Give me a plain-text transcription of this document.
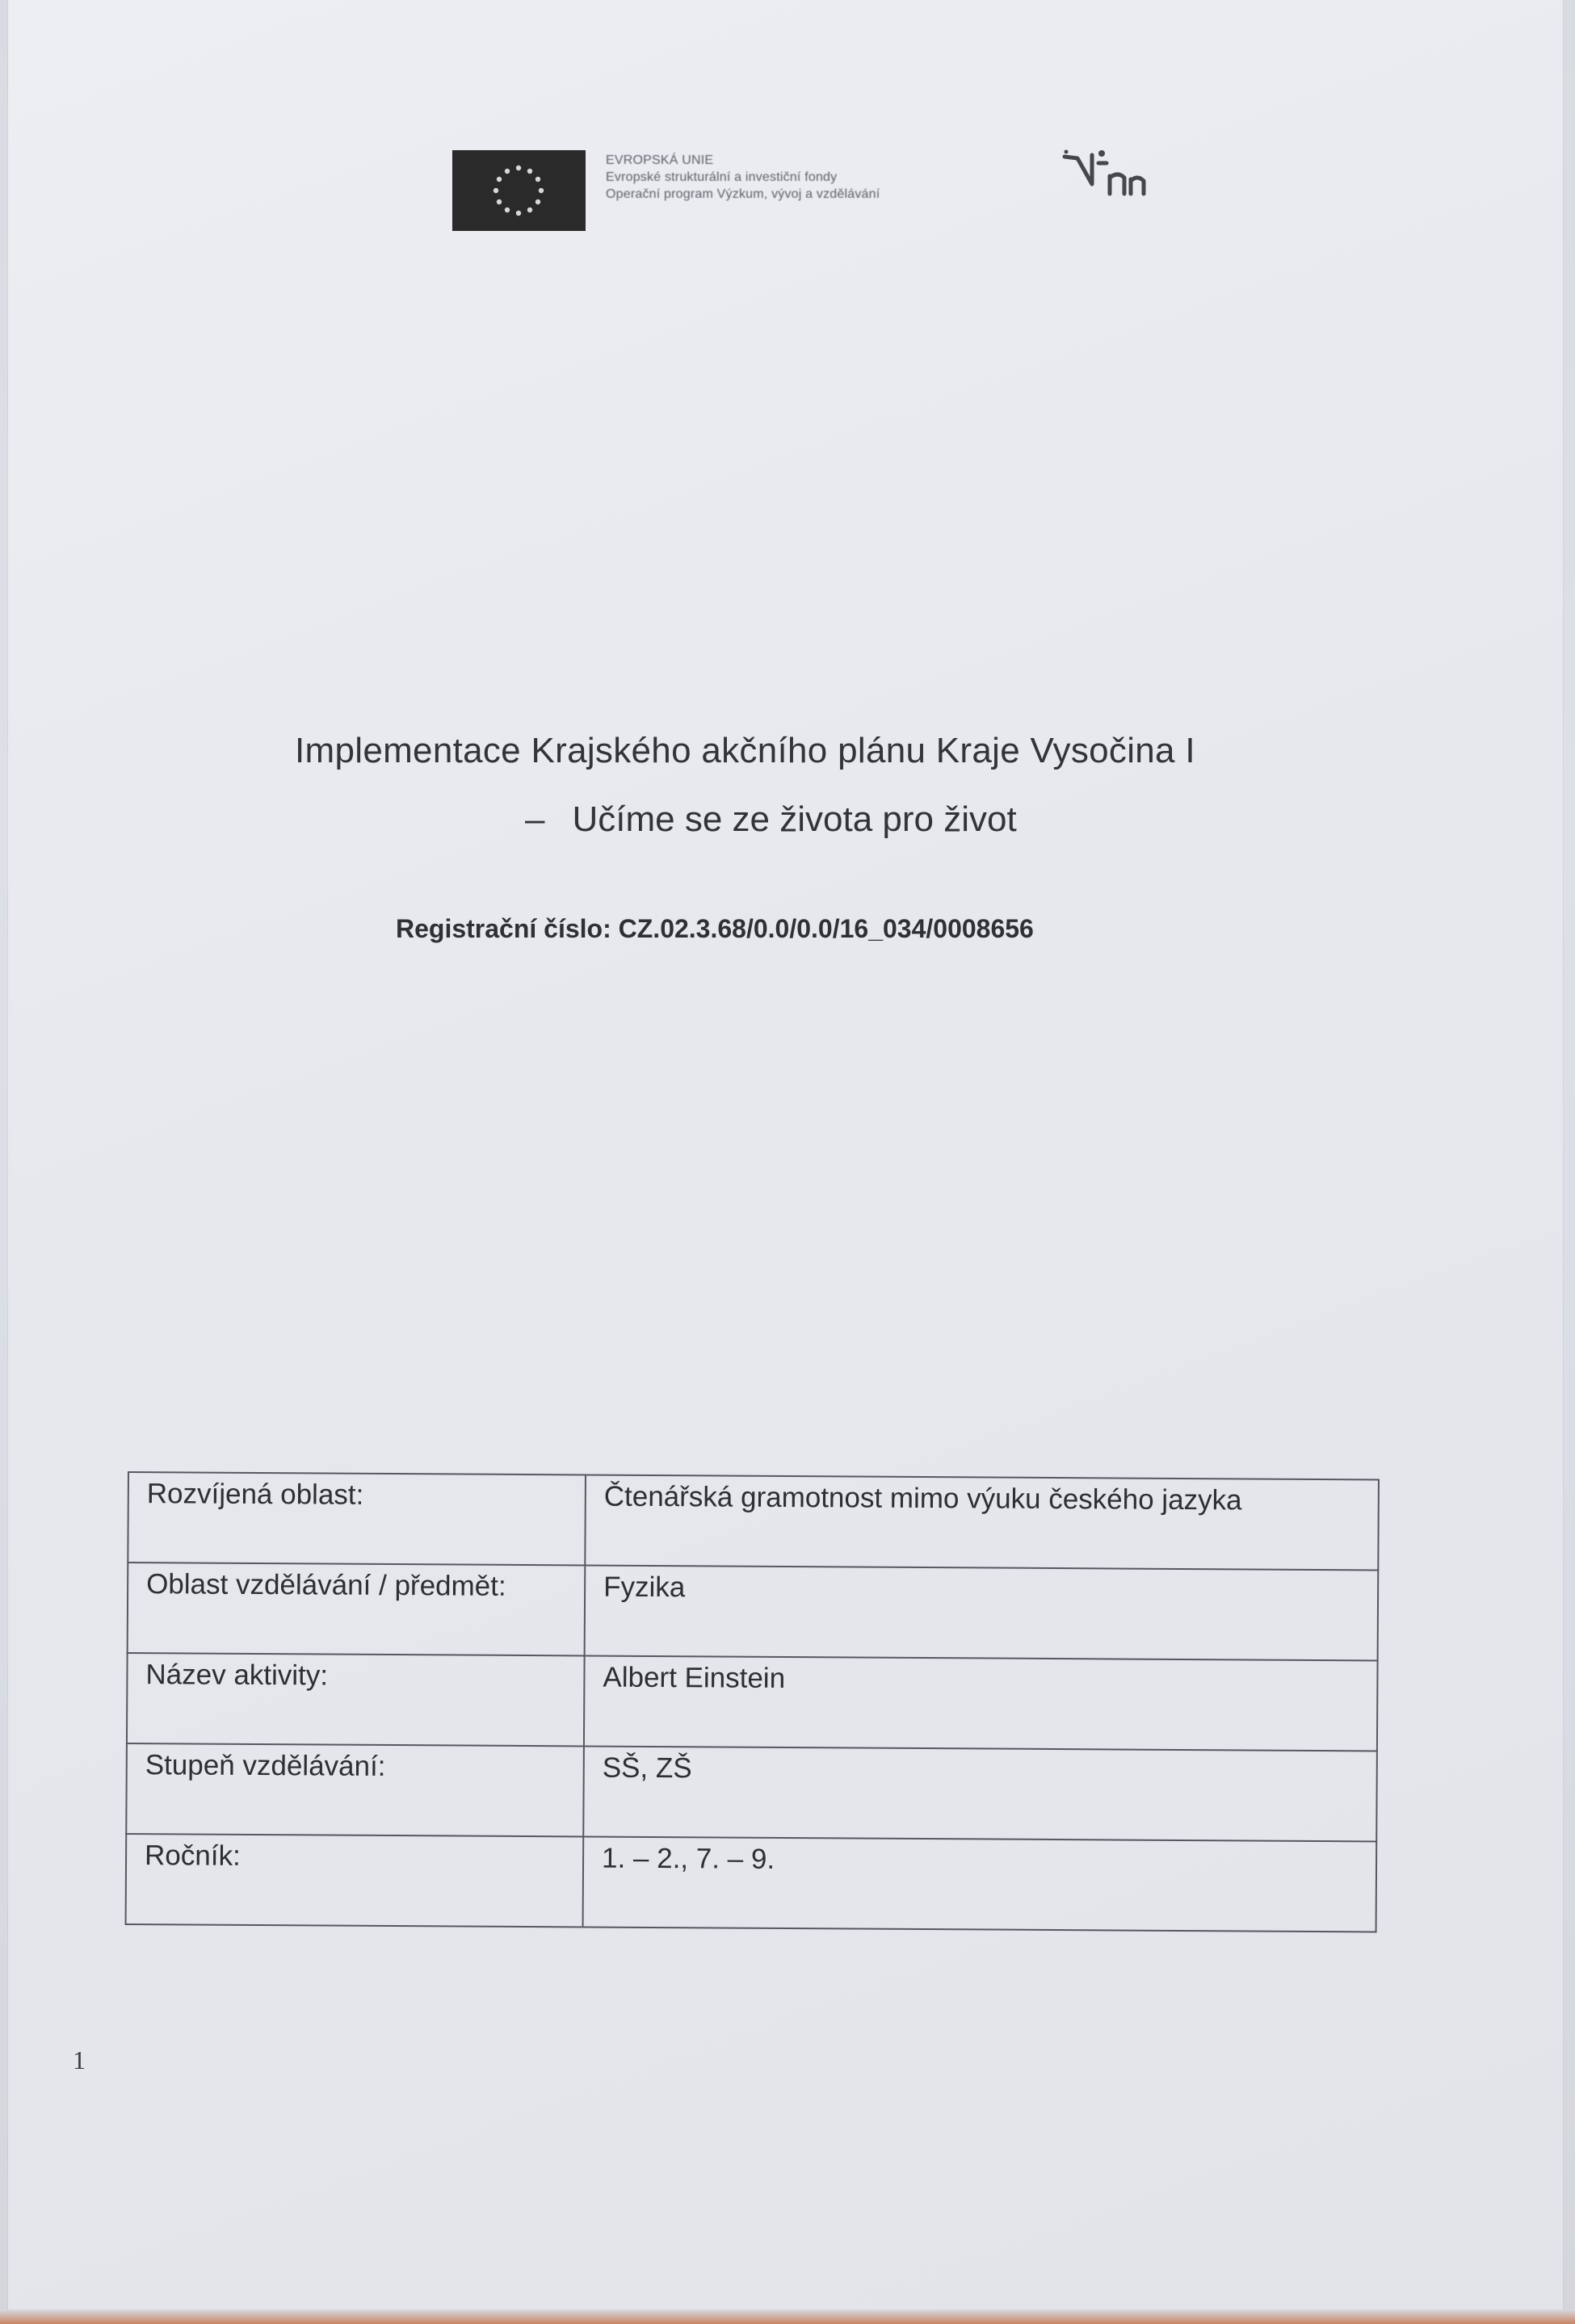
EVROPSKÁ UNIE
Evropské strukturální a investiční fondy
Operační program Výzkum, vývoj a vzdělávání
Implementace Krajského akčního plánu Kraje Vysočina I
– Učíme se ze života pro život
Registrační číslo: CZ.02.3.68/0.0/0.0/16_034/0008656
Rozvíjená oblast:	Čtenářská gramotnost mimo výuku českého jazyka
Oblast vzdělávání / předmět:	Fyzika
Název aktivity:	Albert Einstein
Stupeň vzdělávání:	SŠ, ZŠ
Ročník:	1. – 2., 7. – 9.
1
